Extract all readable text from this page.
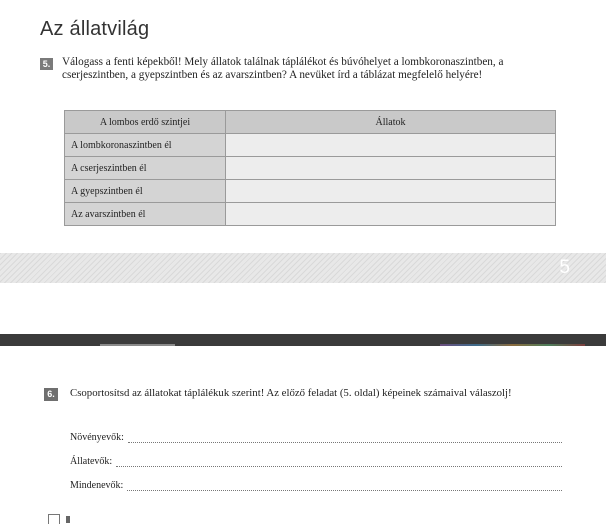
Az állatvilág
5. Válogass a fenti képekből! Mely állatok találnak táplálékot és búvóhelyet a lombkoronaszintben, a cserjeszintben, a gyepszintben és az avarszintben? A nevüket írd a táblázat megfelelő helyére!
A lombos erdő szintjei	Állatok
A lombkoronaszintben él	
A cserjeszintben él	
A gyepszintben él	
Az avarszintben él	
5
6.	Csoportosítsd az állatokat táplálékuk szerint! Az előző feladat (5. oldal) képeinek számaival válaszolj!
Növényevők:
Állatevők:
Mindenevők:
